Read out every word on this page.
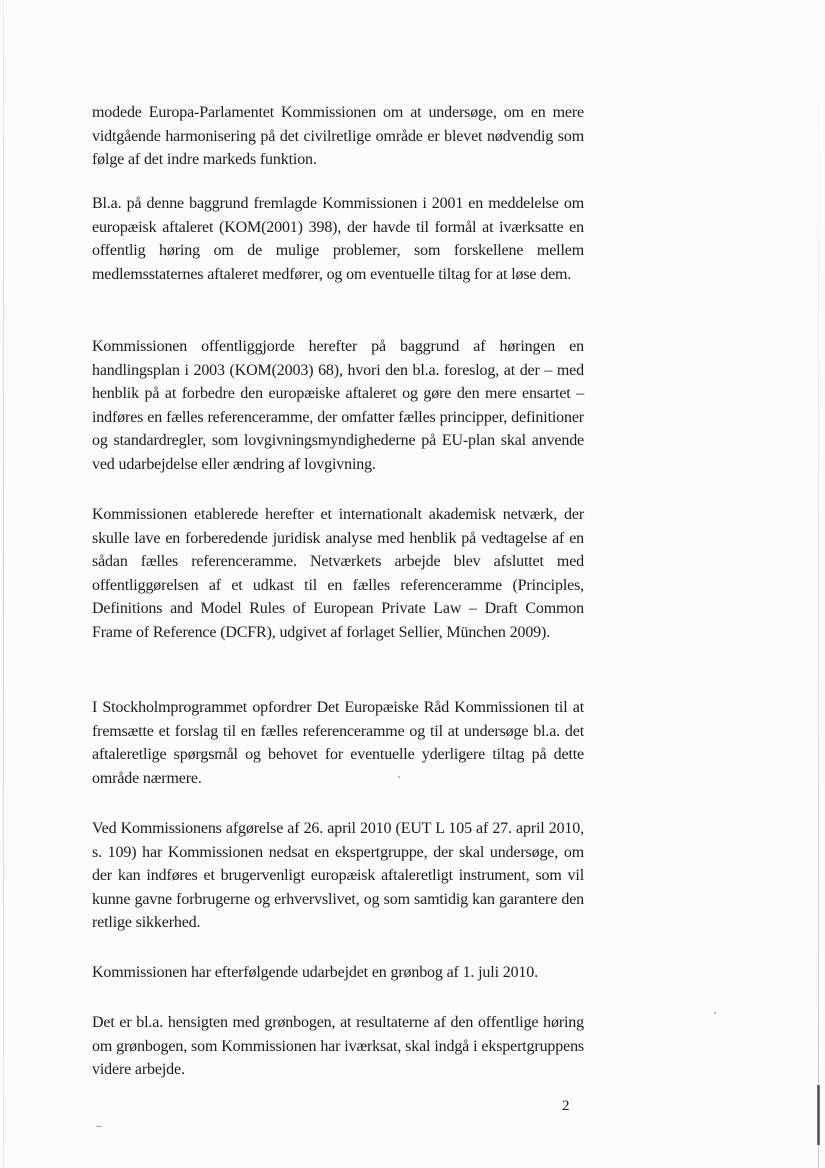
modede Europa-Parlamentet Kommissionen om at undersøge, om en mere vidtgående harmonisering på det civilretlige område er blevet nødvendig som følge af det indre markeds funktion.

Bl.a. på denne baggrund fremlagde Kommissionen i 2001 en meddelelse om europæisk aftaleret (KOM(2001) 398), der havde til formål at iværksatte en offentlig høring om de mulige problemer, som forskellene mellem medlemsstaternes aftaleret medfører, og om eventuelle tiltag for at løse dem.

Kommissionen offentliggjorde herefter på baggrund af høringen en handlingsplan i 2003 (KOM(2003) 68), hvori den bl.a. foreslog, at der – med henblik på at forbedre den europæiske aftaleret og gøre den mere ensartet – indføres en fælles referenceramme, der omfatter fælles principper, definitioner og standardregler, som lovgivningsmyndighederne på EU-plan skal anvende ved udarbejdelse eller ændring af lovgivning.

Kommissionen etablerede herefter et internationalt akademisk netværk, der skulle lave en forberedende juridisk analyse med henblik på vedtagelse af en sådan fælles referenceramme. Netværkets arbejde blev afsluttet med offentliggørelsen af et udkast til en fælles referenceramme (Principles, Definitions and Model Rules of European Private Law – Draft Common Frame of Reference (DCFR), udgivet af forlaget Sellier, München 2009).

I Stockholmprogrammet opfordrer Det Europæiske Råd Kommissionen til at fremsætte et forslag til en fælles referenceramme og til at undersøge bl.a. det aftaleretlige spørgsmål og behovet for eventuelle yderligere tiltag på dette område nærmere.

Ved Kommissionens afgørelse af 26. april 2010 (EUT L 105 af 27. april 2010, s. 109) har Kommissionen nedsat en ekspertgruppe, der skal undersøge, om der kan indføres et brugervenligt europæisk aftaleretligt instrument, som vil kunne gavne forbrugerne og erhvervslivet, og som samtidig kan garantere den retlige sikkerhed.

Kommissionen har efterfølgende udarbejdet en grønbog af 1. juli 2010.

Det er bl.a. hensigten med grønbogen, at resultaterne af den offentlige høring om grønbogen, som Kommissionen har iværksat, skal indgå i ekspertgruppens videre arbejde.

2
